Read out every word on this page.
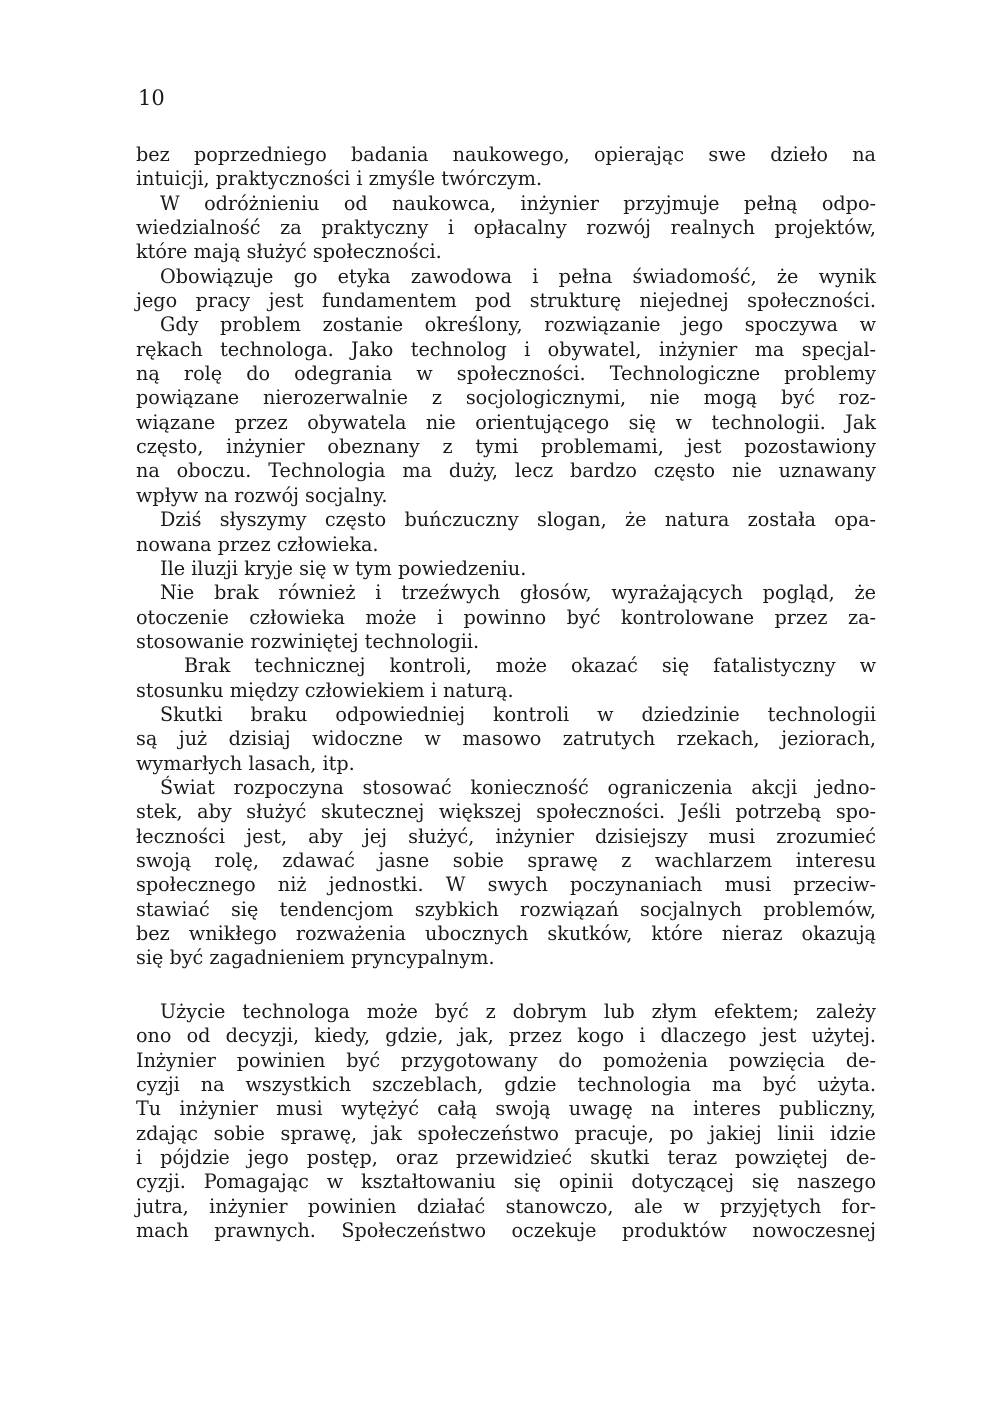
10
bez poprzedniego badania naukowego, opierając swe dzieło na
intuicji, praktyczności i zmyśle twórczym.
W odróżnieniu od naukowca, inżynier przyjmuje pełną odpo-
wiedzialność za praktyczny i opłacalny rozwój realnych projektów,
które mają służyć społeczności.
Obowiązuje go etyka zawodowa i pełna świadomość, że wynik
jego pracy jest fundamentem pod strukturę niejednej społeczności.
Gdy problem zostanie określony, rozwiązanie jego spoczywa w
rękach technologa. Jako technolog i obywatel, inżynier ma specjal-
ną rolę do odegrania w społeczności. Technologiczne problemy
powiązane nierozerwalnie z socjologicznymi, nie mogą być roz-
wiązane przez obywatela nie orientującego się w technologii. Jak
często, inżynier obeznany z tymi problemami, jest pozostawiony
na oboczu. Technologia ma duży, lecz bardzo często nie uznawany
wpływ na rozwój socjalny.
Dziś słyszymy często buńczuczny slogan, że natura została opa-
nowana przez człowieka.
Ile iluzji kryje się w tym powiedzeniu.
Nie brak również i trzeźwych głosów, wyrażających pogląd, że
otoczenie człowieka może i powinno być kontrolowane przez za-
stosowanie rozwiniętej technologii.
Brak technicznej kontroli, może okazać się fatalistyczny w
stosunku między człowiekiem i naturą.
Skutki braku odpowiedniej kontroli w dziedzinie technologii
są już dzisiaj widoczne w masowo zatrutych rzekach, jeziorach,
wymarłych lasach, itp.
Świat rozpoczyna stosować konieczność ograniczenia akcji jedno-
stek, aby służyć skutecznej większej społeczności. Jeśli potrzebą spo-
łeczności jest, aby jej służyć, inżynier dzisiejszy musi zrozumieć
swoją rolę, zdawać jasne sobie sprawę z wachlarzem interesu
społecznego niż jednostki. W swych poczynaniach musi przeciw-
stawiać się tendencjom szybkich rozwiązań socjalnych problemów,
bez wnikłego rozważenia ubocznych skutków, które nieraz okazują
się być zagadnieniem pryncypalnym.
Użycie technologa może być z dobrym lub złym efektem; zależy
ono od decyzji, kiedy, gdzie, jak, przez kogo i dlaczego jest użytej.
Inżynier powinien być przygotowany do pomożenia powzięcia de-
cyzji na wszystkich szczeblach, gdzie technologia ma być użyta.
Tu inżynier musi wytężyć całą swoją uwagę na interes publiczny,
zdając sobie sprawę, jak społeczeństwo pracuje, po jakiej linii idzie
i pójdzie jego postęp, oraz przewidzieć skutki teraz powziętej de-
cyzji. Pomagając w kształtowaniu się opinii dotyczącej się naszego
jutra, inżynier powinien działać stanowczo, ale w przyjętych for-
mach prawnych. Społeczeństwo oczekuje produktów nowoczesnej
